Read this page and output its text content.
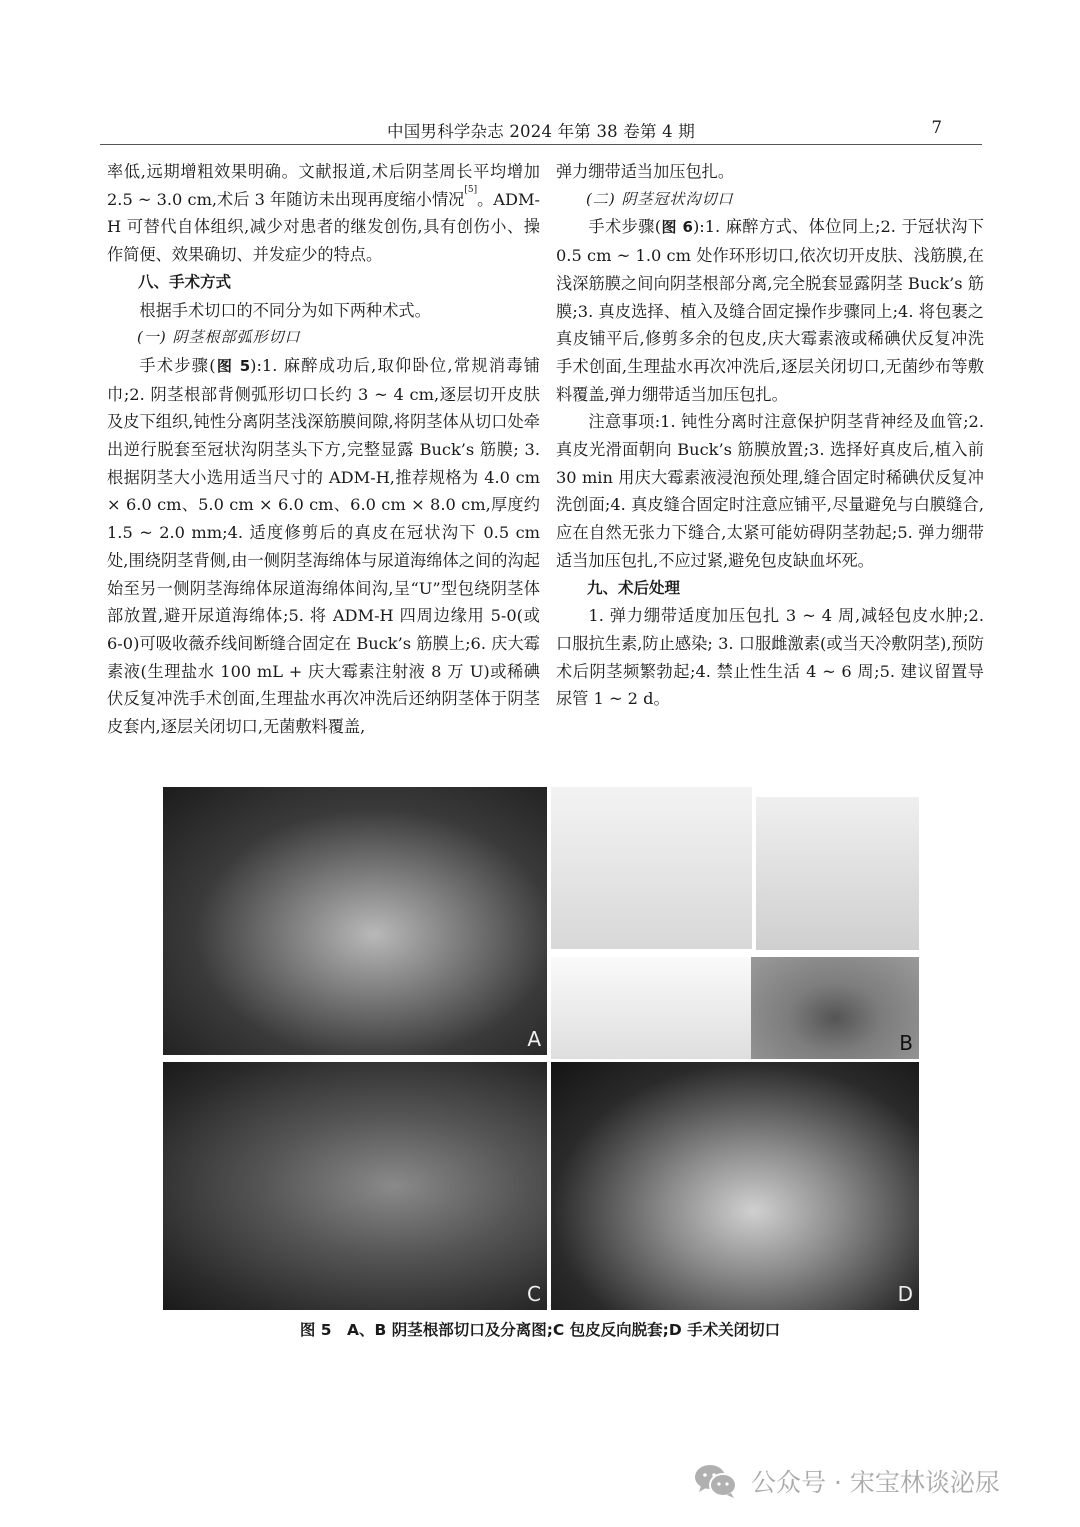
中国男科学杂志 2024 年第 38 卷第 4 期	7

率低,远期增粗效果明确。文献报道,术后阴茎周长平均增加 2.5 ~ 3.0 cm,术后 3 年随访未出现再度缩小情况[5]。ADM-H 可替代自体组织,减少对患者的继发创伤,具有创伤小、操作简便、效果确切、并发症少的特点。

八、手术方式

根据手术切口的不同分为如下两种术式。

(一) 阴茎根部弧形切口

手术步骤(图 5):1. 麻醉成功后,取仰卧位,常规消毒铺巾;2. 阴茎根部背侧弧形切口长约 3 ~ 4 cm,逐层切开皮肤及皮下组织,钝性分离阴茎浅深筋膜间隙,将阴茎体从切口处牵出逆行脱套至冠状沟阴茎头下方,完整显露 Buck’s 筋膜; 3. 根据阴茎大小选用适当尺寸的 ADM-H,推荐规格为 4.0 cm × 6.0 cm、5.0 cm × 6.0 cm、6.0 cm × 8.0 cm,厚度约 1.5 ~ 2.0 mm;4. 适度修剪后的真皮在冠状沟下 0.5 cm 处,围绕阴茎背侧,由一侧阴茎海绵体与尿道海绵体之间的沟起始至另一侧阴茎海绵体尿道海绵体间沟,呈“U”型包绕阴茎体部放置,避开尿道海绵体;5. 将 ADM-H 四周边缘用 5-0(或 6-0)可吸收薇乔线间断缝合固定在 Buck’s 筋膜上;6. 庆大霉素液(生理盐水 100 mL + 庆大霉素注射液 8 万 U)或稀碘伏反复冲洗手术创面,生理盐水再次冲洗后还纳阴茎体于阴茎皮套内,逐层关闭切口,无菌敷料覆盖,

弹力绷带适当加压包扎。

(二) 阴茎冠状沟切口

手术步骤(图 6):1. 麻醉方式、体位同上;2. 于冠状沟下 0.5 cm ~ 1.0 cm 处作环形切口,依次切开皮肤、浅筋膜,在浅深筋膜之间向阴茎根部分离,完全脱套显露阴茎 Buck’s 筋膜;3. 真皮选择、植入及缝合固定操作步骤同上;4. 将包裹之真皮铺平后,修剪多余的包皮,庆大霉素液或稀碘伏反复冲洗手术创面,生理盐水再次冲洗后,逐层关闭切口,无菌纱布等敷料覆盖,弹力绷带适当加压包扎。

注意事项:1. 钝性分离时注意保护阴茎背神经及血管;2. 真皮光滑面朝向 Buck’s 筋膜放置;3. 选择好真皮后,植入前 30 min 用庆大霉素液浸泡预处理,缝合固定时稀碘伏反复冲洗创面;4. 真皮缝合固定时注意应铺平,尽量避免与白膜缝合,应在自然无张力下缝合,太紧可能妨碍阴茎勃起;5. 弹力绷带适当加压包扎,不应过紧,避免包皮缺血坏死。

九、术后处理

1. 弹力绷带适度加压包扎 3 ~ 4 周,减轻包皮水肿;2. 口服抗生素,防止感染; 3. 口服雌激素(或当天冷敷阴茎),预防术后阴茎频繁勃起;4. 禁止性生活 4 ~ 6 周;5. 建议留置导尿管 1 ~ 2 d。

A	B
C	D
图 5　A、B 阴茎根部切口及分离图;C 包皮反向脱套;D 手术关闭切口
公众号 · 宋宝林谈泌尿
